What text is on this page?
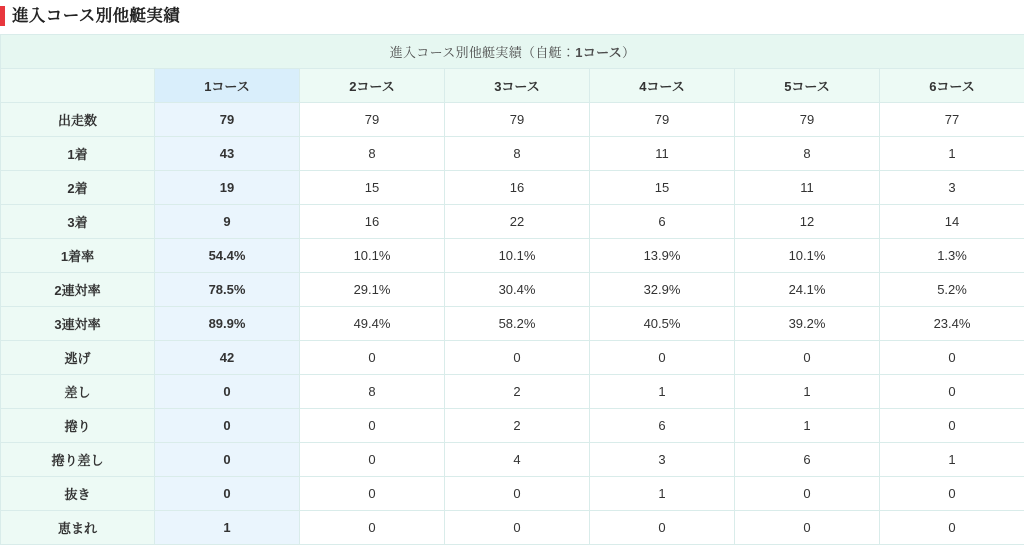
進入コース別他艇実績
進入コース別他艇実績（自艇：1コース）						
	1コース	2コース	3コース	4コース	5コース	6コース
出走数	79	79	79	79	79	77
1着	43	8	8	11	8	1
2着	19	15	16	15	11	3
3着	9	16	22	6	12	14
1着率	54.4%	10.1%	10.1%	13.9%	10.1%	1.3%
2連対率	78.5%	29.1%	30.4%	32.9%	24.1%	5.2%
3連対率	89.9%	49.4%	58.2%	40.5%	39.2%	23.4%
逃げ	42	0	0	0	0	0
差し	0	8	2	1	1	0
捲り	0	0	2	6	1	0
捲り差し	0	0	4	3	6	1
抜き	0	0	0	1	0	0
恵まれ	1	0	0	0	0	0
